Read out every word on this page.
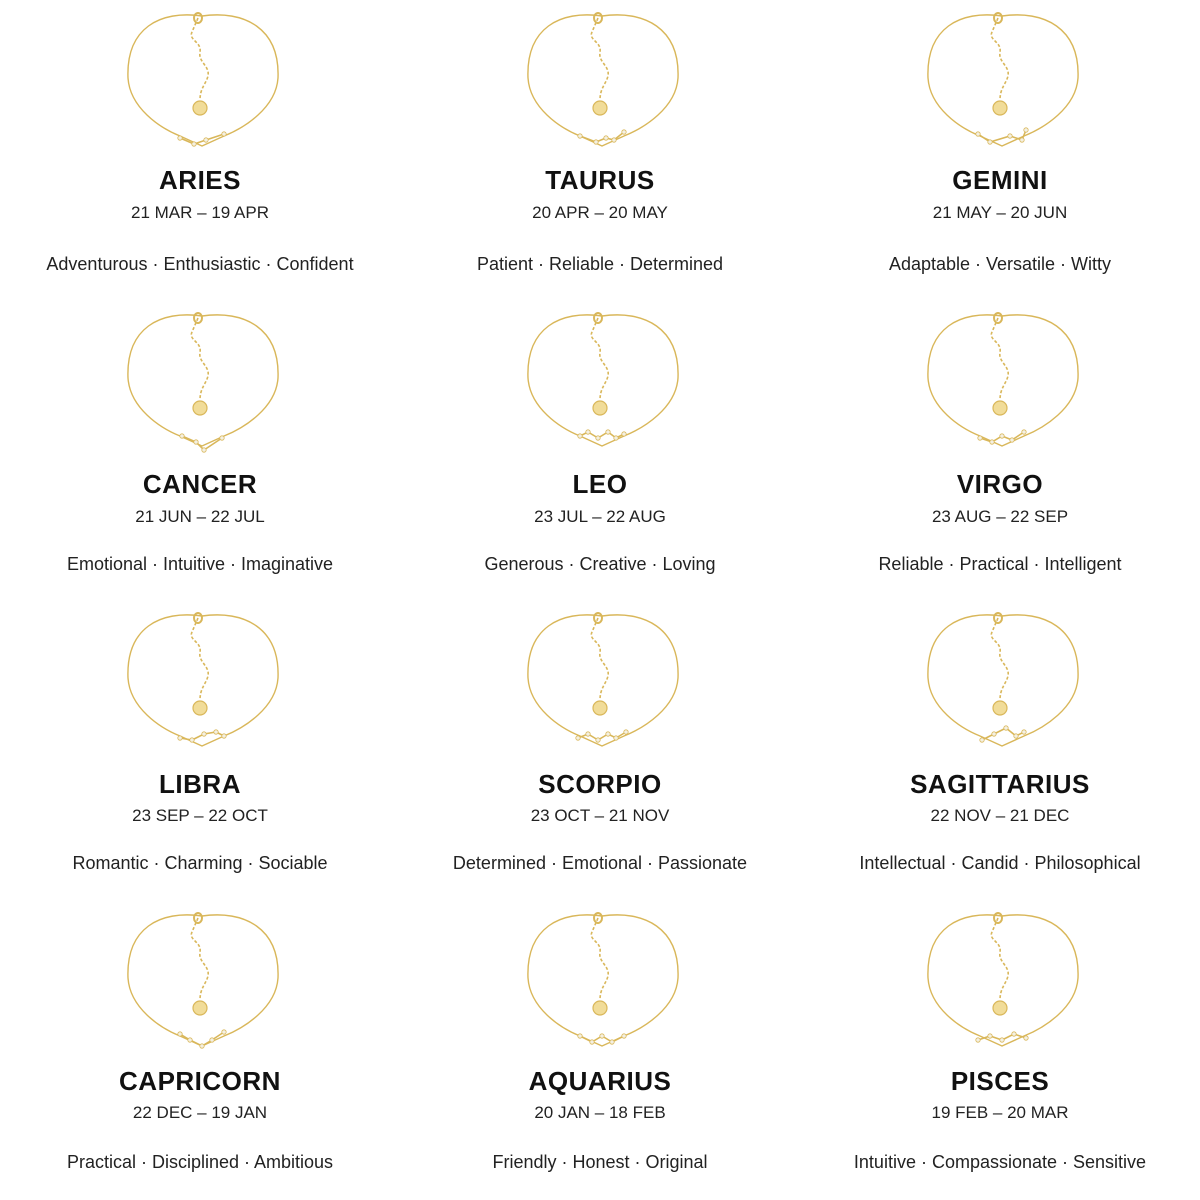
ARIES
21 MAR – 19 APR
Adventurous · Enthusiastic · Confident
TAURUS
20 APR – 20 MAY
Patient · Reliable · Determined
GEMINI
21 MAY – 20 JUN
Adaptable · Versatile · Witty
CANCER
21 JUN – 22 JUL
Emotional · Intuitive · Imaginative
LEO
23 JUL – 22 AUG
Generous · Creative · Loving
VIRGO
23 AUG – 22 SEP
Reliable · Practical · Intelligent
LIBRA
23 SEP – 22 OCT
Romantic · Charming · Sociable
SCORPIO
23 OCT – 21 NOV
Determined · Emotional · Passionate
SAGITTARIUS
22 NOV – 21 DEC
Intellectual · Candid · Philosophical
CAPRICORN
22 DEC – 19 JAN
Practical · Disciplined · Ambitious
AQUARIUS
20 JAN – 18 FEB
Friendly · Honest · Original
PISCES
19 FEB – 20 MAR
Intuitive · Compassionate · Sensitive
